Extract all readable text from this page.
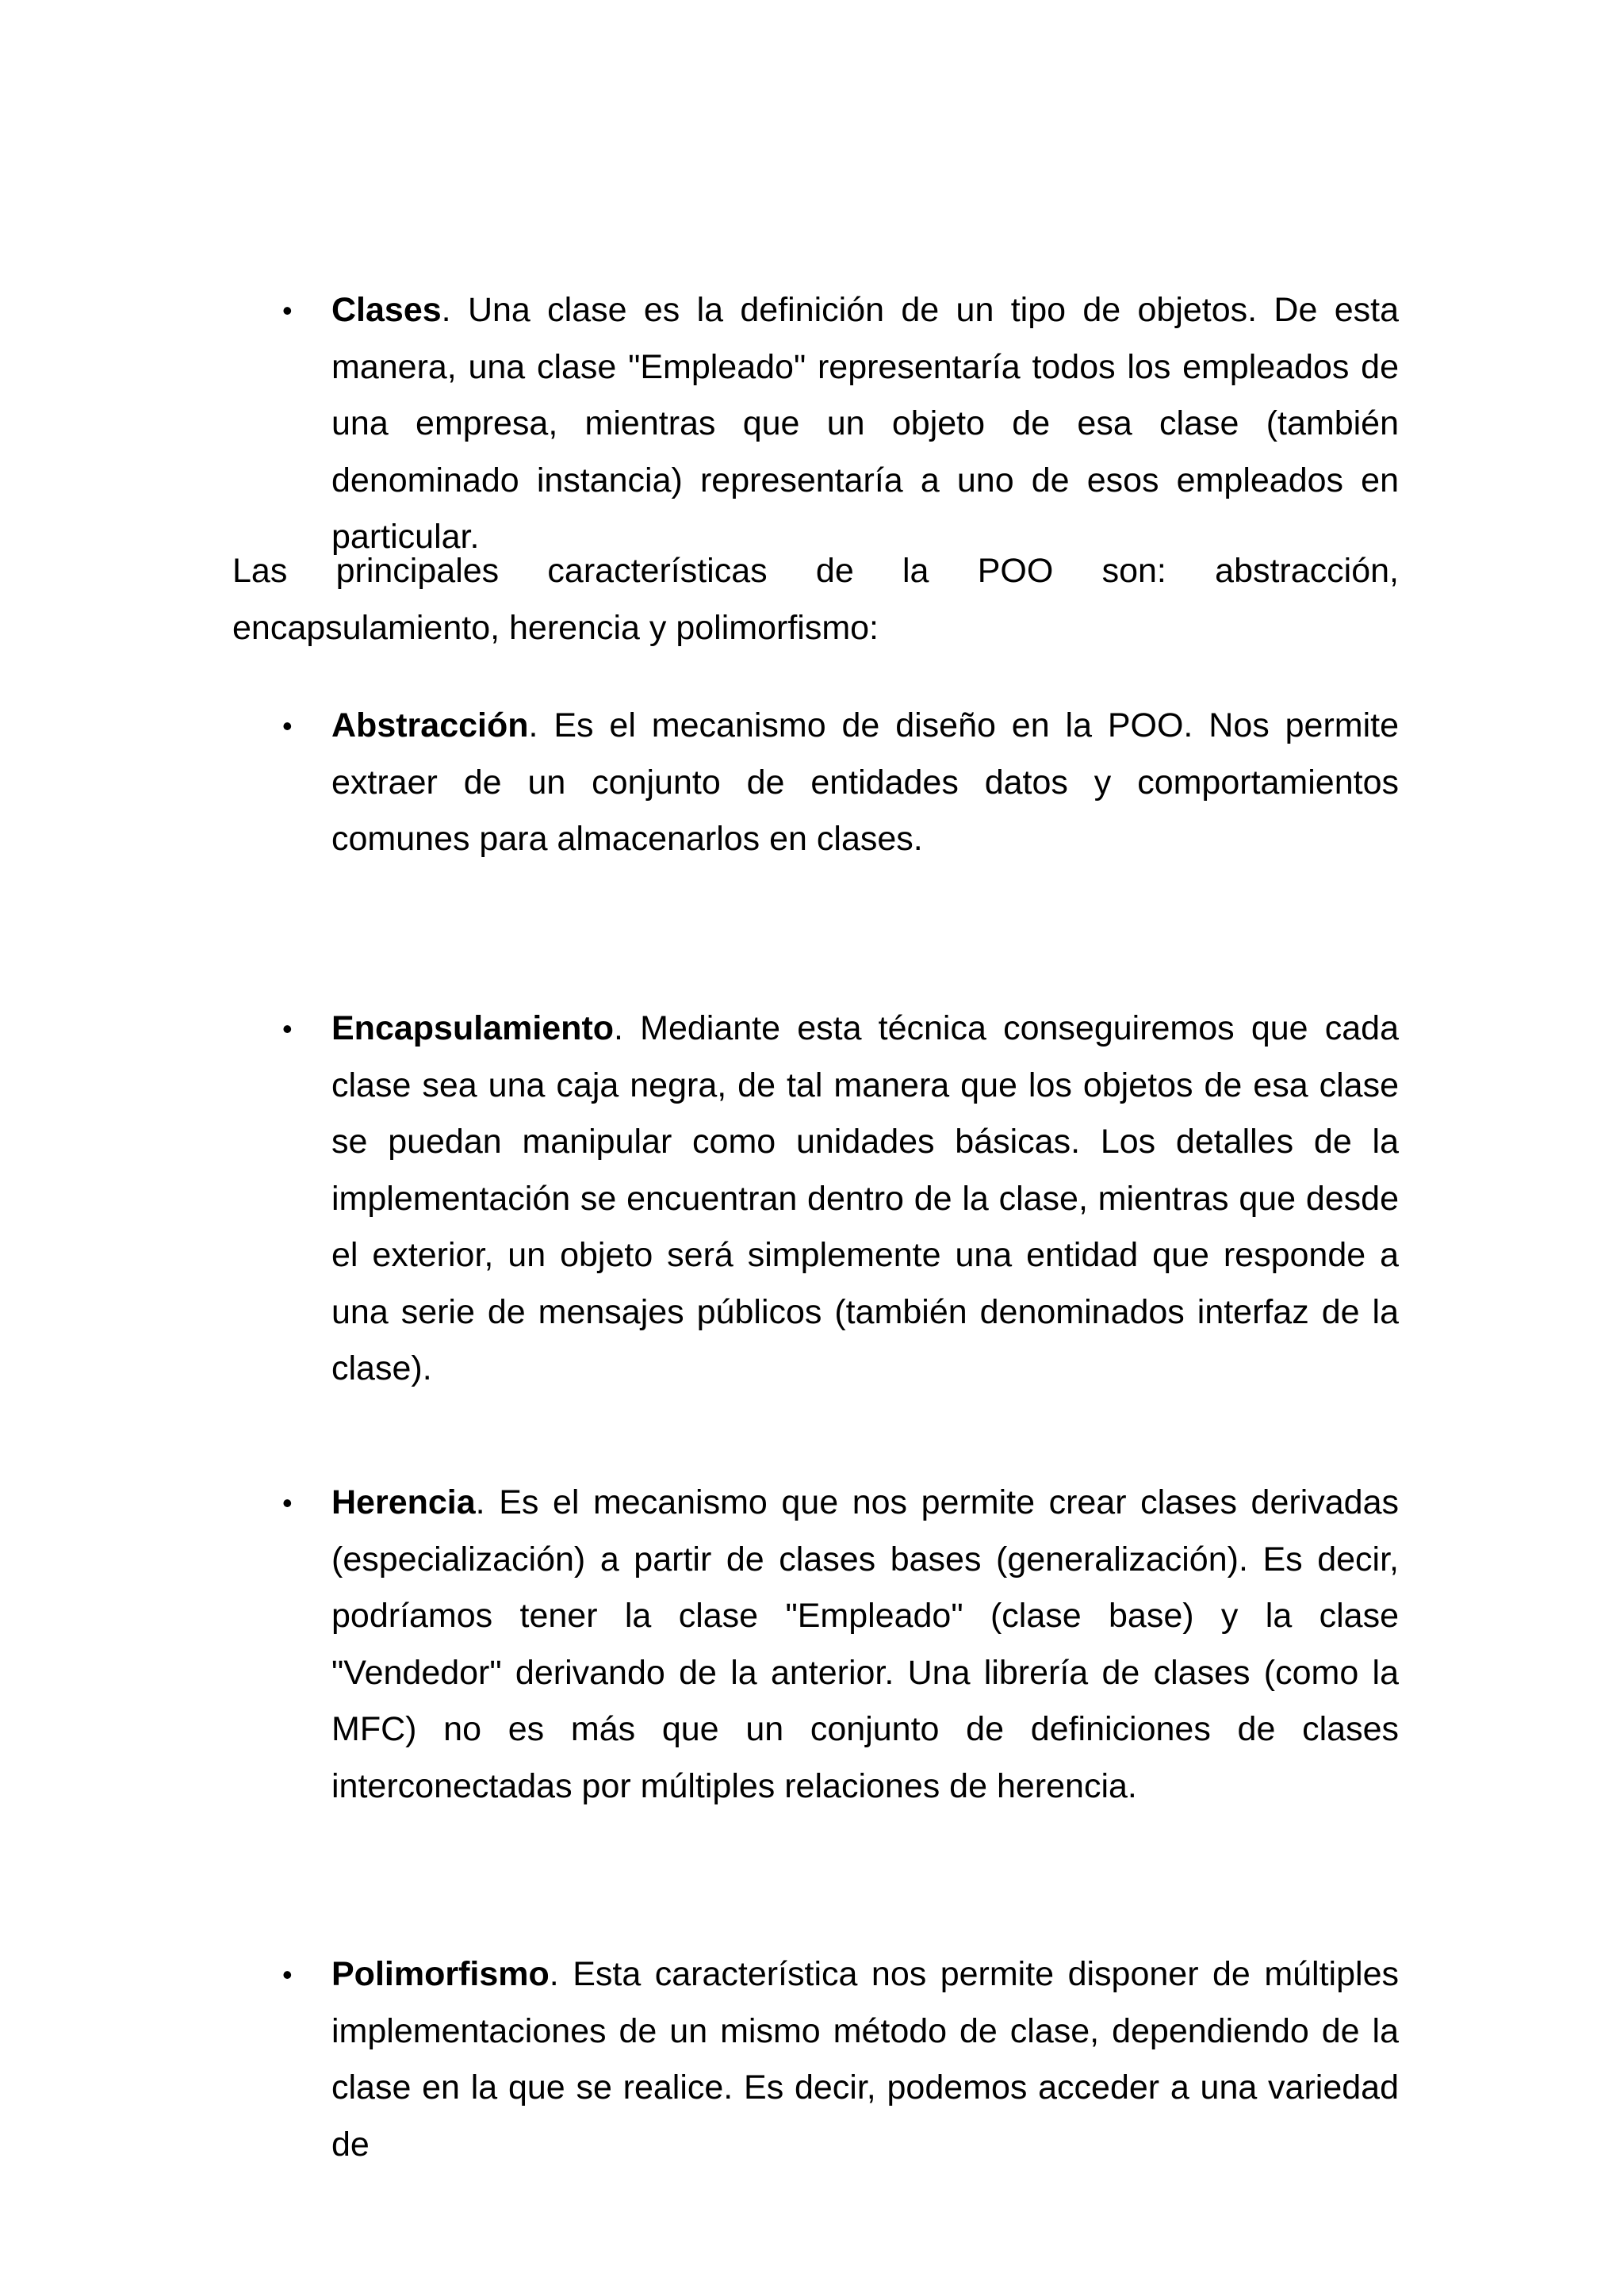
• Clases. Una clase es la definición de un tipo de objetos. De esta manera, una clase "Empleado" representaría todos los empleados de una empresa, mientras que un objeto de esa clase (también denominado instancia) representaría a uno de esos empleados en particular.
Las principales características de la POO son: abstracción, encapsulamiento, herencia y polimorfismo:
• Abstracción. Es el mecanismo de diseño en la POO. Nos permite extraer de un conjunto de entidades datos y comportamientos comunes para almacenarlos en clases.
• Encapsulamiento. Mediante esta técnica conseguiremos que cada clase sea una caja negra, de tal manera que los objetos de esa clase se puedan manipular como unidades básicas. Los detalles de la implementación se encuentran dentro de la clase, mientras que desde el exterior, un objeto será simplemente una entidad que responde a una serie de mensajes públicos (también denominados interfaz de la clase).
• Herencia. Es el mecanismo que nos permite crear clases derivadas (especialización) a partir de clases bases (generalización). Es decir, podríamos tener la clase "Empleado" (clase base) y la clase "Vendedor" derivando de la anterior. Una librería de clases (como la MFC) no es más que un conjunto de definiciones de clases interconectadas por múltiples relaciones de herencia.
• Polimorfismo. Esta característica nos permite disponer de múltiples implementaciones de un mismo método de clase, dependiendo de la clase en la que se realice. Es decir, podemos acceder a una variedad de
